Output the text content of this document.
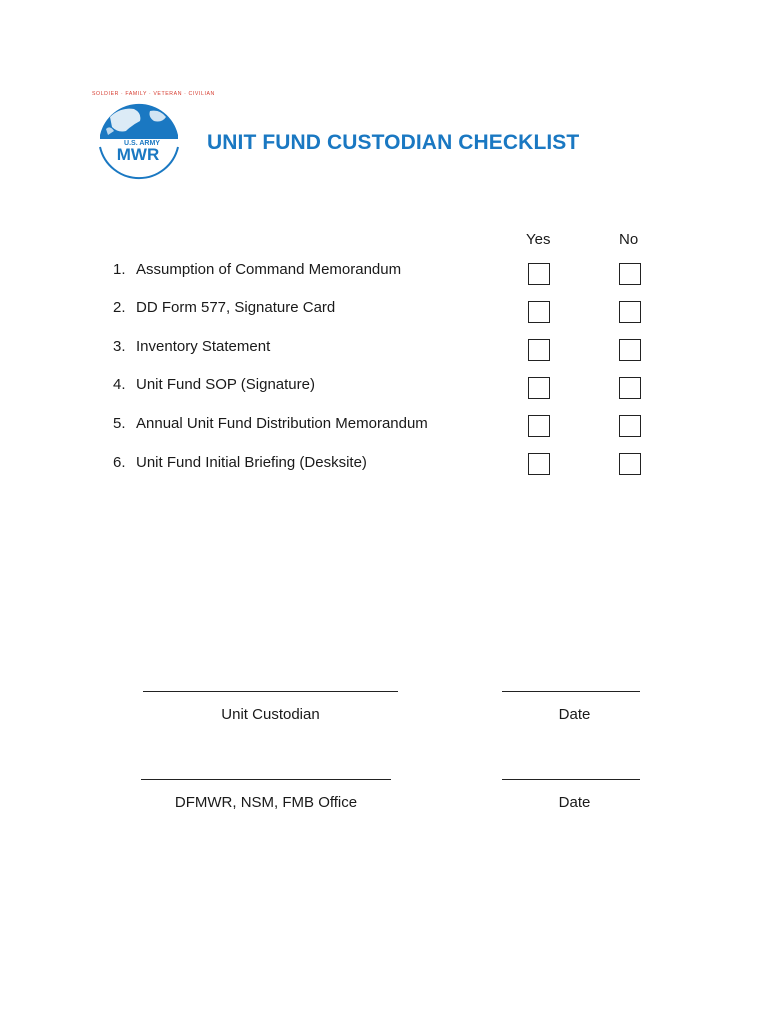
SOLDIER · FAMILY · VETERAN · CIVILIAN
U.S. ARMY
MWR
UNIT FUND CUSTODIAN CHECKLIST
Yes	No
1. Assumption of Command Memorandum
2. DD Form 577, Signature Card
3. Inventory Statement
4. Unit Fund SOP (Signature)
5. Annual Unit Fund Distribution Memorandum
6. Unit Fund Initial Briefing (Desksite)
Unit Custodian	Date
DFMWR, NSM, FMB Office	Date
